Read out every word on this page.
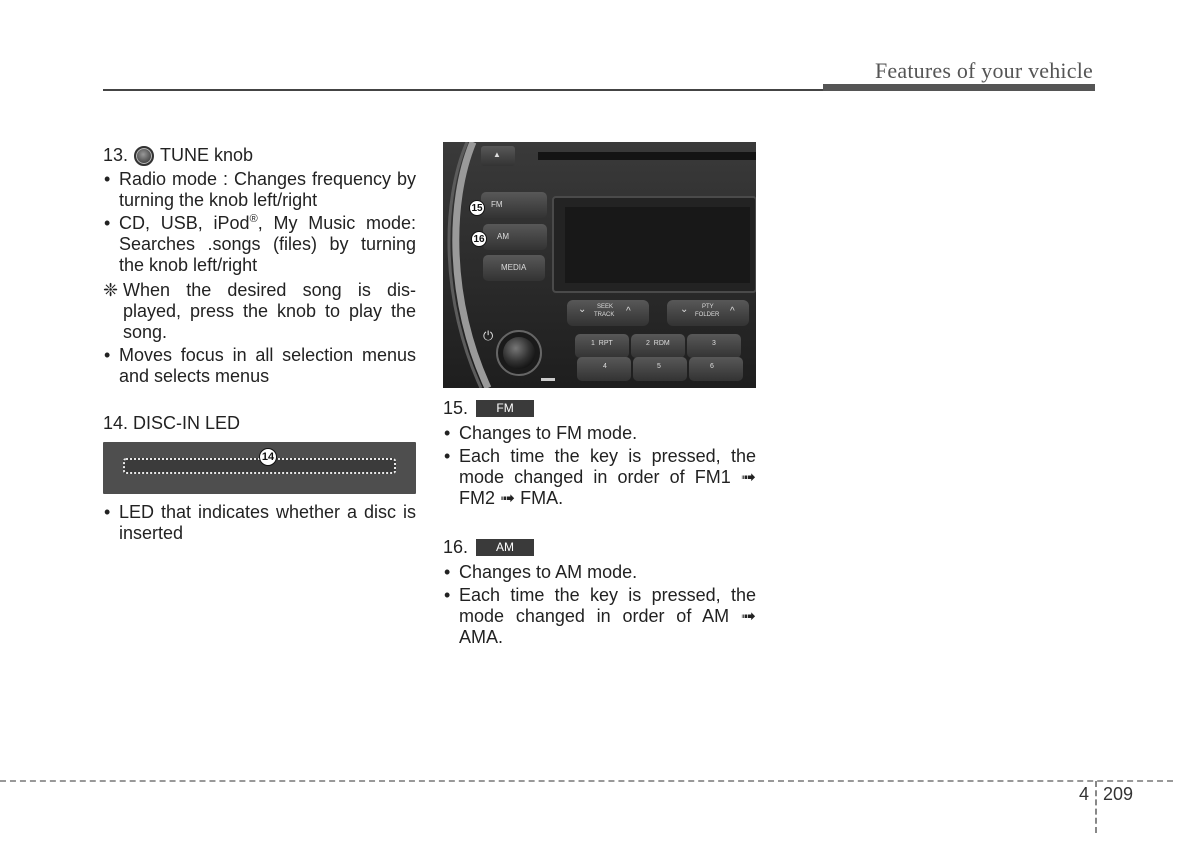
Features of your vehicle
13. TUNE knob
• Radio mode : Changes frequency by turning the knob left/right
• CD, USB, iPod®, My Music mode: Searches .songs (files) by turning the knob left/right
❈ When the desired song is dis-played, press the knob to play the song.
• Moves focus in all selection menus and selects menus
14. DISC-IN LED
14
• LED that indicates whether a disc is inserted
▲
FM
AM
MEDIA
⌄ SEEK
TRACK ^	⌄ PTY
FOLDER ^
1  RPT	2  RDM	3
4	5	6
⏻
15
16
15.	FM
• Changes to FM mode.
• Each time the key is pressed, the mode changed in order of FM1 ➟ FM2 ➟ FMA.
16.	AM
• Changes to AM mode.
• Each time the key is pressed, the mode changed in order of AM ➟ AMA.
4 209
